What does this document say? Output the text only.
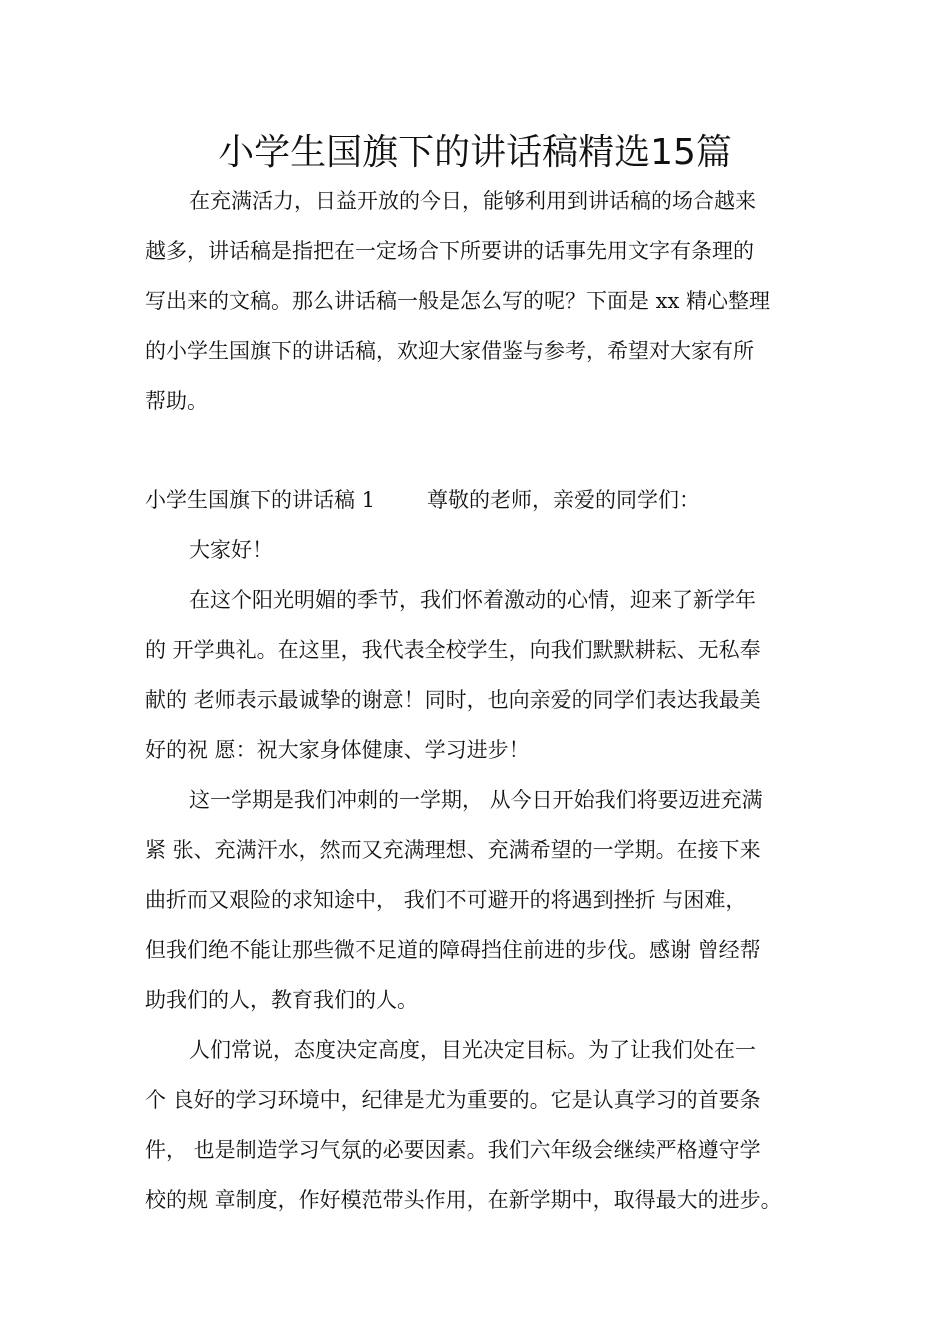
小学生国旗下的讲话稿精选15篇
在充满活力，日益开放的今日，能够利用到讲话稿的场合越来
越多，讲话稿是指把在一定场合下所要讲的话事先用文字有条理的
写出来的文稿。那么讲话稿一般是怎么写的呢？下面是 xx 精心整理
的小学生国旗下的讲话稿，欢迎大家借鉴与参考，希望对大家有所
帮助。
小学生国旗下的讲话稿 1 尊敬的老师，亲爱的同学们：
大家好！
在这个阳光明媚的季节，我们怀着激动的心情，迎来了新学年
的 开学典礼。在这里，我代表全校学生，向我们默默耕耘、无私奉
献的 老师表示最诚挚的谢意！同时，也向亲爱的同学们表达我最美
好的祝 愿：祝大家身体健康、学习进步！
这一学期是我们冲刺的一学期， 从今日开始我们将要迈进充满
紧 张、充满汗水，然而又充满理想、充满希望的一学期。在接下来
曲折而又艰险的求知途中， 我们不可避开的将遇到挫折 与困难，
但我们绝不能让那些微不足道的障碍挡住前进的步伐。感谢 曾经帮
助我们的人，教育我们的人。
人们常说，态度决定高度，目光决定目标。为了让我们处在一
个 良好的学习环境中，纪律是尤为重要的。它是认真学习的首要条
件， 也是制造学习气氛的必要因素。我们六年级会继续严格遵守学
校的规 章制度，作好模范带头作用，在新学期中，取得最大的进步。
